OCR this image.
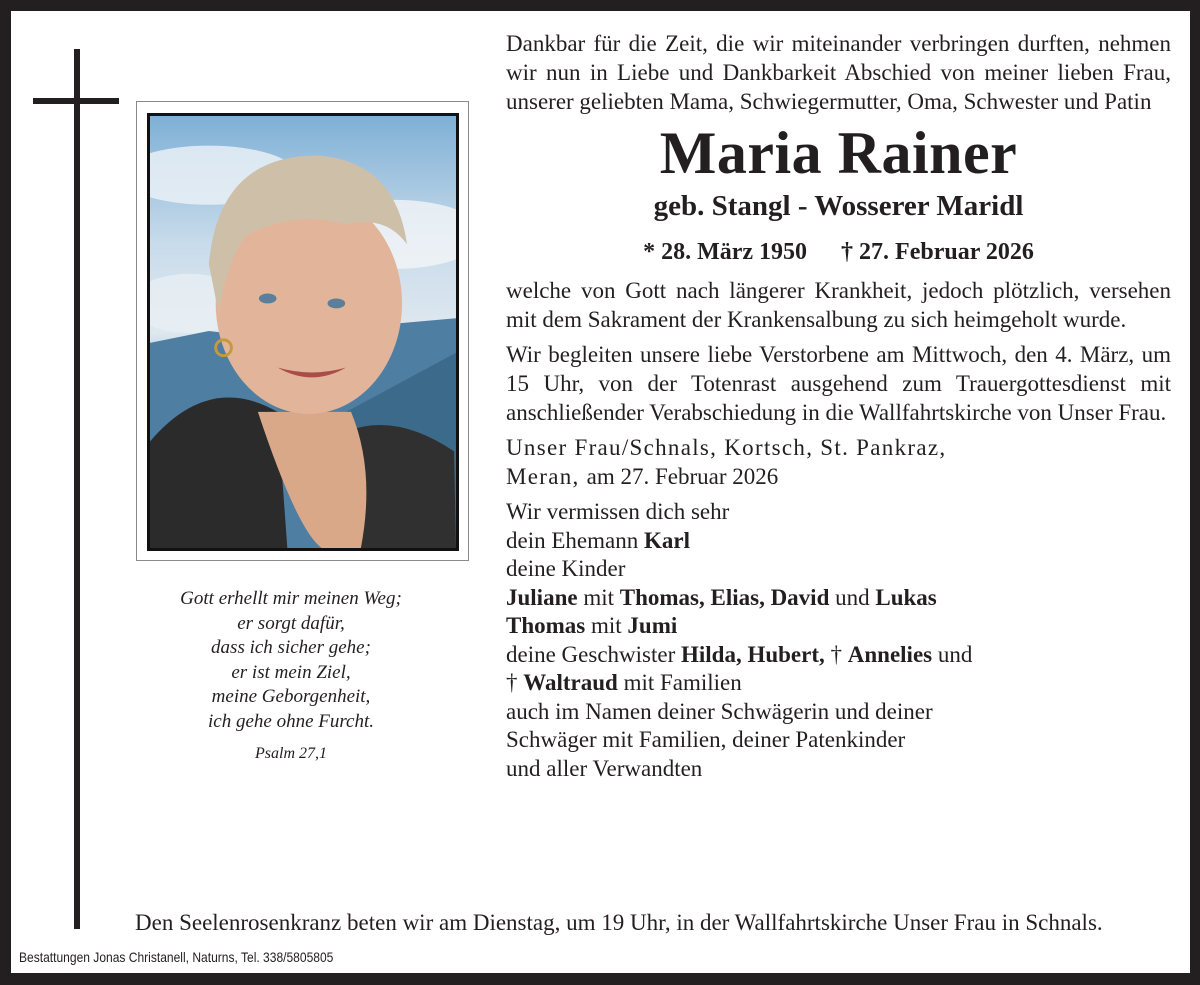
Gott erhellt mir meinen Weg;
er sorgt dafür,
dass ich sicher gehe;
er ist mein Ziel,
meine Geborgenheit,
ich gehe ohne Furcht.
Psalm 27,1

Dankbar für die Zeit, die wir miteinander verbringen durften, nehmen wir nun in Liebe und Dankbarkeit Abschied von meiner lieben Frau, unserer geliebten Mama, Schwiegermutter, Oma, Schwester und Patin

Maria Rainer
geb. Stangl - Wosserer Maridl
* 28. März 1950 † 27. Februar 2026

welche von Gott nach längerer Krankheit, jedoch plötzlich, versehen mit dem Sakrament der Krankensalbung zu sich heimgeholt wurde.

Wir begleiten unsere liebe Verstorbene am Mittwoch, den 4. März, um 15 Uhr, von der Totenrast ausgehend zum Trauergottesdienst mit anschließender Verabschiedung in die Wallfahrtskirche von Unser Frau.

Unser Frau/Schnals, Kortsch, St. Pankraz,
Meran, am 27. Februar 2026
Wir vermissen dich sehr
dein Ehemann Karl
deine Kinder
Juliane mit Thomas, Elias, David und Lukas
Thomas mit Jumi
deine Geschwister Hilda, Hubert, † Annelies und
† Waltraud mit Familien
auch im Namen deiner Schwägerin und deiner
Schwäger mit Familien, deiner Patenkinder
und aller Verwandten

Den Seelenrosenkranz beten wir am Dienstag, um 19 Uhr, in der Wallfahrtskirche Unser Frau in Schnals.

Bestattungen Jonas Christanell, Naturns, Tel. 338/5805805
